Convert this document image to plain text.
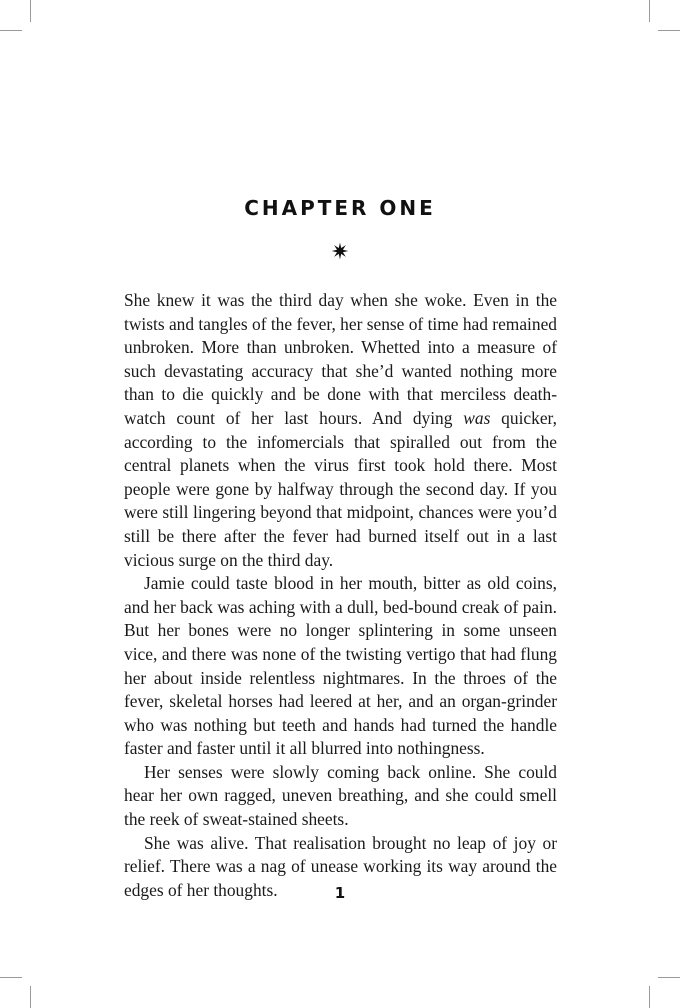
CHAPTER ONE
✷

She knew it was the third day when she woke. Even in the twists and tangles of the fever, her sense of time had remained unbroken. More than unbroken. Whetted into a measure of such devastating accuracy that she’d wanted nothing more than to die quickly and be done with that merciless death-watch count of her last hours. And dying was quicker, according to the infomercials that spiralled out from the central planets when the virus first took hold there. Most people were gone by halfway through the second day. If you were still lingering beyond that midpoint, chances were you’d still be there after the fever had burned itself out in a last vicious surge on the third day.

Jamie could taste blood in her mouth, bitter as old coins, and her back was aching with a dull, bed-bound creak of pain. But her bones were no longer splintering in some unseen vice, and there was none of the twisting vertigo that had flung her about inside relentless nightmares. In the throes of the fever, skeletal horses had leered at her, and an organ-grinder who was nothing but teeth and hands had turned the handle faster and faster until it all blurred into nothingness.

Her senses were slowly coming back online. She could hear her own ragged, uneven breathing, and she could smell the reek of sweat-stained sheets.

She was alive. That realisation brought no leap of joy or relief. There was a nag of unease working its way around the edges of her thoughts.	1
